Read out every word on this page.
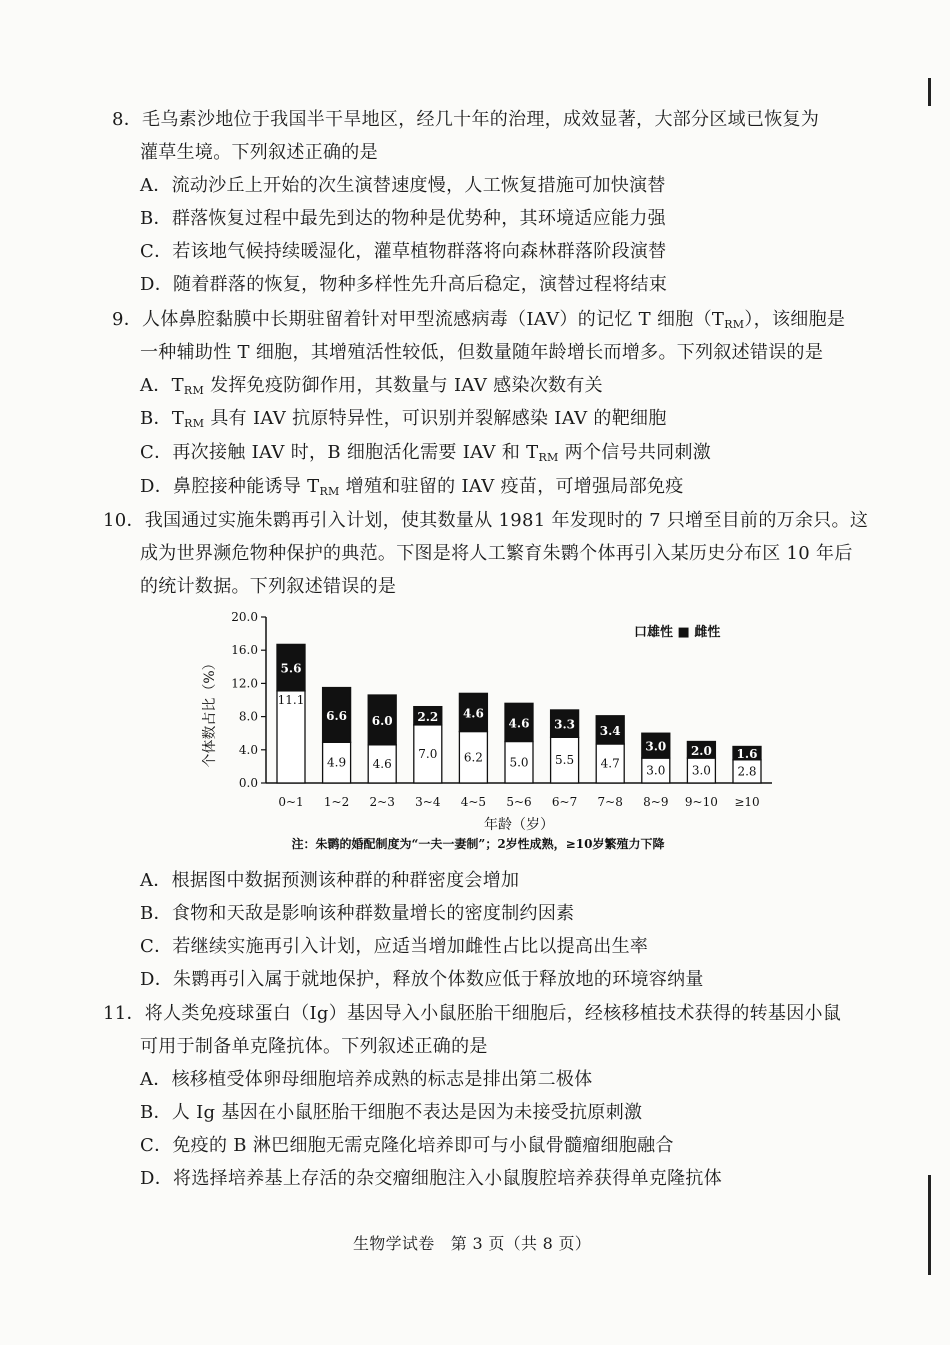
8．毛乌素沙地位于我国半干旱地区，经几十年的治理，成效显著，大部分区域已恢复为
灌草生境。下列叙述正确的是
A．流动沙丘上开始的次生演替速度慢，人工恢复措施可加快演替
B．群落恢复过程中最先到达的物种是优势种，其环境适应能力强
C．若该地气候持续暖湿化，灌草植物群落将向森林群落阶段演替
D．随着群落的恢复，物种多样性先升高后稳定，演替过程将结束
9．人体鼻腔黏膜中长期驻留着针对甲型流感病毒（IAV）的记忆 T 细胞$(T_{RM})$，该细胞是
一种辅助性 T 细胞，其增殖活性较低，但数量随年龄增长而增多。下列叙述错误的是
A．$T_{RM}$ 发挥免疫防御作用，其数量与 IAV 感染次数有关
B．$T_{RM}$ 具有 IAV 抗原特异性，可识别并裂解感染 IAV 的靶细胞
C．再次接触 IAV 时，B 细胞活化需要 IAV 和 $T_{RM}$ 两个信号共同刺激
D．鼻腔接种能诱导 $T_{RM}$ 增殖和驻留的 IAV 疫苗，可增强局部免疫
10．我国通过实施朱鹮再引入计划，使其数量从 1981 年发现时的 7 只增至目前的万余只。这
成为世界濒危物种保护的典范。下图是将人工繁育朱鹮个体再引入某历史分布区 10 年后
的统计数据。下列叙述错误的是
0.0
4.0
8.0
12.0
16.0
20.0
个体数占比（%）	11.1
5.6
0~1
4.9
6.6
1~2
4.6
6.0
2~3
7.0
2.2
3~4
6.2
4.6
4~5
5.0
4.6
5~6
5.5
3.3
6~7
4.7
3.4
7~8
3.0
3.0
8~9
3.0
2.0
9~10
2.8
1.6
≥10
年龄（岁）
口雄性 ■ 雌性
注：朱鹮的婚配制度为“一夫一妻制”；2岁性成熟，≥10岁繁殖力下降
A．根据图中数据预测该种群的种群密度会增加
B．食物和天敌是影响该种群数量增长的密度制约因素
C．若继续实施再引入计划，应适当增加雌性占比以提高出生率
D．朱鹮再引入属于就地保护，释放个体数应低于释放地的环境容纳量
11．将人类免疫球蛋白（Ig）基因导入小鼠胚胎干细胞后，经核移植技术获得的转基因小鼠
可用于制备单克隆抗体。下列叙述正确的是
A．核移植受体卵母细胞培养成熟的标志是排出第二极体
B．人 Ig 基因在小鼠胚胎干细胞不表达是因为未接受抗原刺激
C．免疫的 B 淋巴细胞无需克隆化培养即可与小鼠骨髓瘤细胞融合
D．将选择培养基上存活的杂交瘤细胞注入小鼠腹腔培养获得单克隆抗体
生物学试卷　第 3 页（共 8 页）
